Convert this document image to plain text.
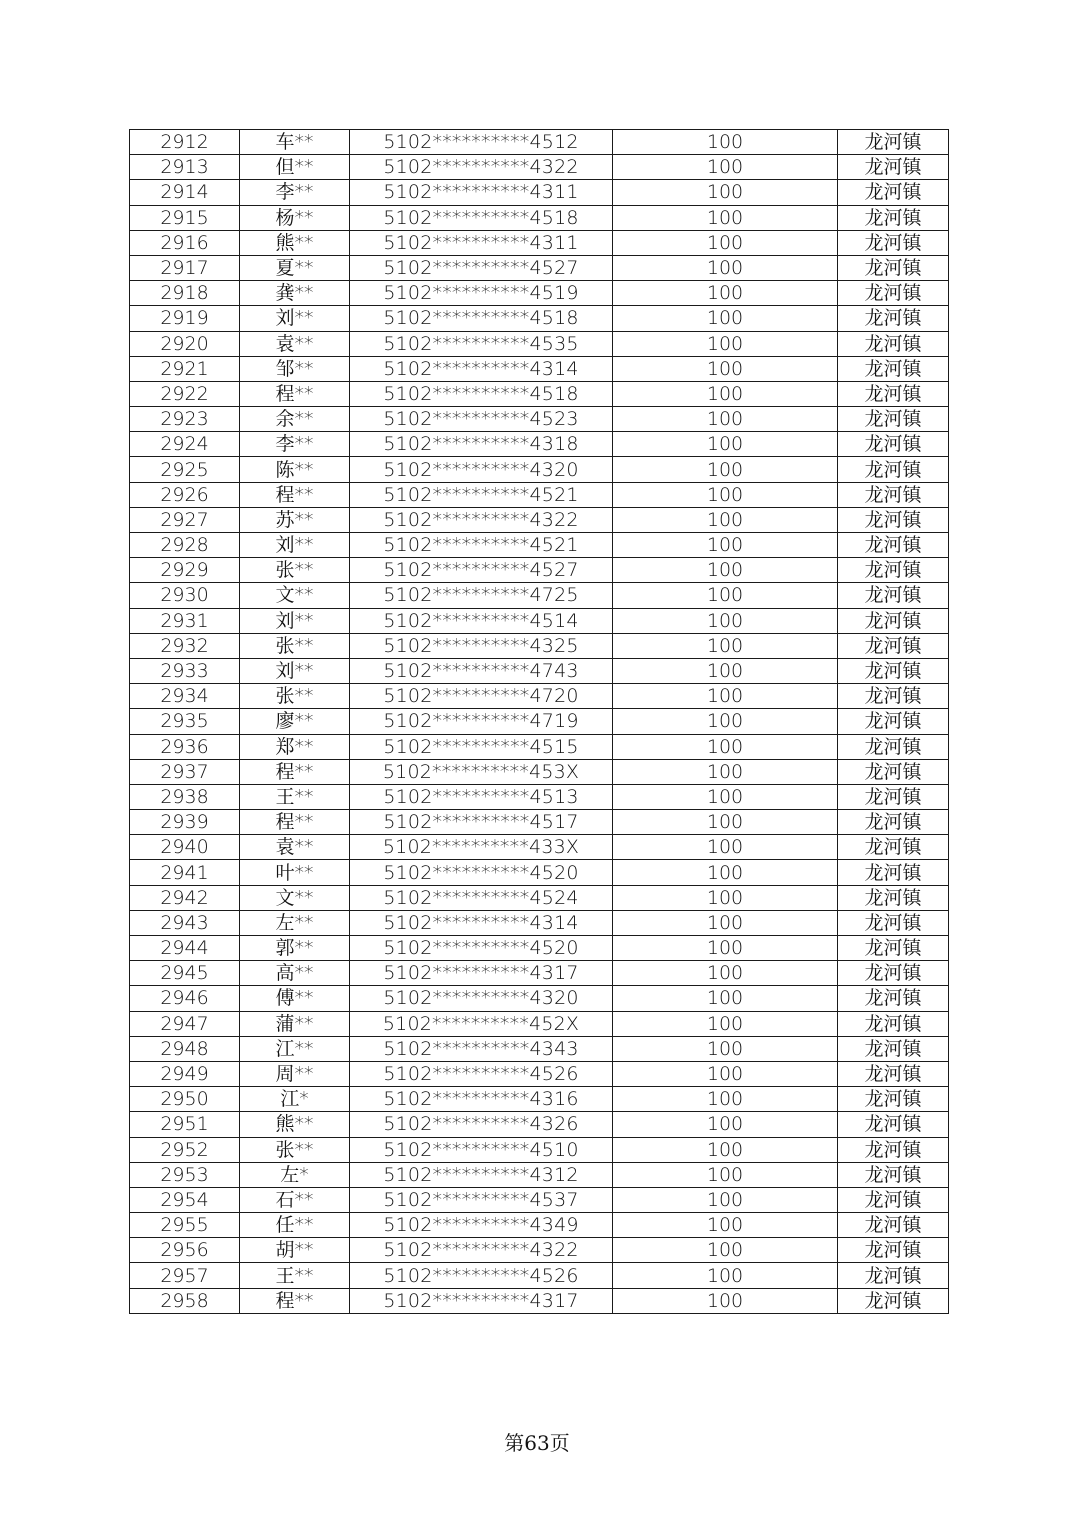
2912	车**	5102**********4512	100	龙河镇
2913	但**	5102**********4322	100	龙河镇
2914	李**	5102**********4311	100	龙河镇
2915	杨**	5102**********4518	100	龙河镇
2916	熊**	5102**********4311	100	龙河镇
2917	夏**	5102**********4527	100	龙河镇
2918	龚**	5102**********4519	100	龙河镇
2919	刘**	5102**********4518	100	龙河镇
2920	袁**	5102**********4535	100	龙河镇
2921	邹**	5102**********4314	100	龙河镇
2922	程**	5102**********4518	100	龙河镇
2923	余**	5102**********4523	100	龙河镇
2924	李**	5102**********4318	100	龙河镇
2925	陈**	5102**********4320	100	龙河镇
2926	程**	5102**********4521	100	龙河镇
2927	苏**	5102**********4322	100	龙河镇
2928	刘**	5102**********4521	100	龙河镇
2929	张**	5102**********4527	100	龙河镇
2930	文**	5102**********4725	100	龙河镇
2931	刘**	5102**********4514	100	龙河镇
2932	张**	5102**********4325	100	龙河镇
2933	刘**	5102**********4743	100	龙河镇
2934	张**	5102**********4720	100	龙河镇
2935	廖**	5102**********4719	100	龙河镇
2936	郑**	5102**********4515	100	龙河镇
2937	程**	5102**********453X	100	龙河镇
2938	王**	5102**********4513	100	龙河镇
2939	程**	5102**********4517	100	龙河镇
2940	袁**	5102**********433X	100	龙河镇
2941	叶**	5102**********4520	100	龙河镇
2942	文**	5102**********4524	100	龙河镇
2943	左**	5102**********4314	100	龙河镇
2944	郭**	5102**********4520	100	龙河镇
2945	高**	5102**********4317	100	龙河镇
2946	傅**	5102**********4320	100	龙河镇
2947	蒲**	5102**********452X	100	龙河镇
2948	江**	5102**********4343	100	龙河镇
2949	周**	5102**********4526	100	龙河镇
2950	江*	5102**********4316	100	龙河镇
2951	熊**	5102**********4326	100	龙河镇
2952	张**	5102**********4510	100	龙河镇
2953	左*	5102**********4312	100	龙河镇
2954	石**	5102**********4537	100	龙河镇
2955	任**	5102**********4349	100	龙河镇
2956	胡**	5102**********4322	100	龙河镇
2957	王**	5102**********4526	100	龙河镇
2958	程**	5102**********4317	100	龙河镇
第63页
